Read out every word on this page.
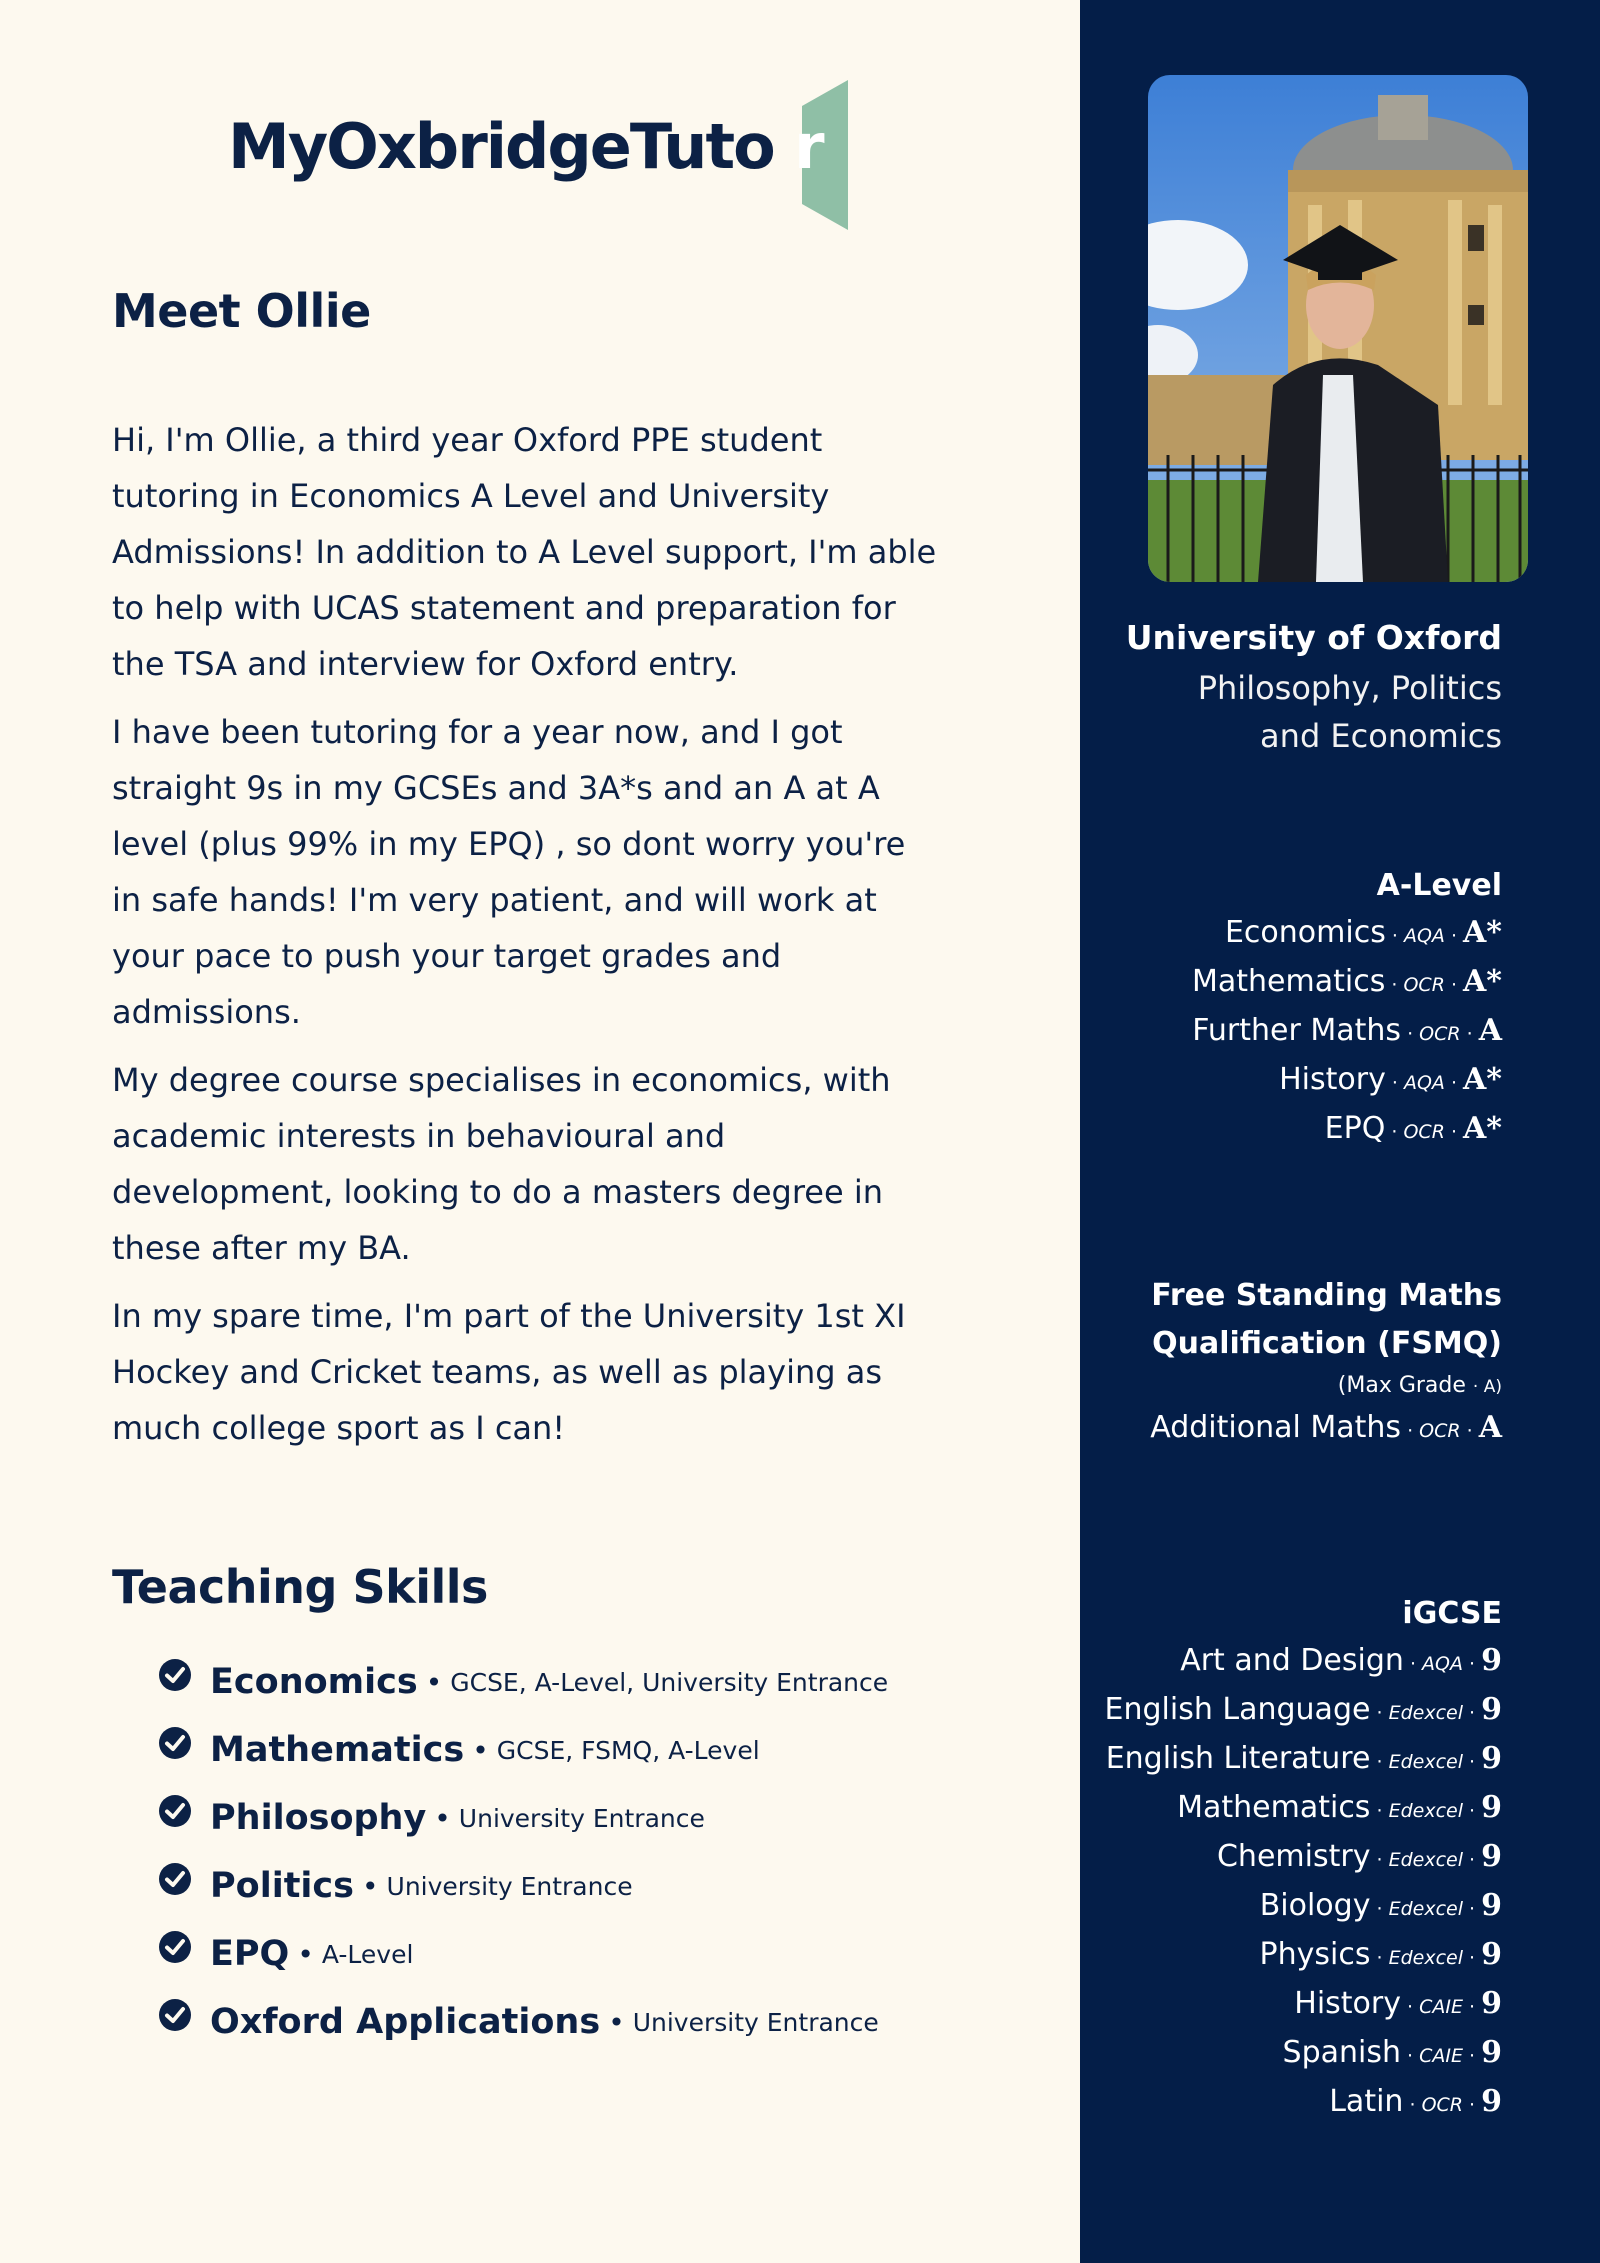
MyOxbridgeTuto r
Meet Ollie

Hi, I'm Ollie, a third year Oxford PPE student tutoring in Economics A Level and University Admissions! In addition to A Level support, I'm able to help with UCAS statement and preparation for the TSA and interview for Oxford entry.

I have been tutoring for a year now, and I got straight 9s in my GCSEs and 3A*s and an A at A level (plus 99% in my EPQ) , so dont worry you're in safe hands! I'm very patient, and will work at your pace to push your target grades and admissions.

My degree course specialises in economics, with academic interests in behavioural and development, looking to do a masters degree in these after my BA.

In my spare time, I'm part of the University 1st XI Hockey and Cricket teams, as well as playing as much college sport as I can!

Teaching Skills
Economics • GCSE, A-Level, University Entrance
Mathematics • GCSE, FSMQ, A-Level
Philosophy • University Entrance
Politics • University Entrance
EPQ • A-Level
Oxford Applications • University Entrance
University of Oxford
Philosophy, Politics and Economics
A-Level
Economics · AQA · A*
Mathematics · OCR · A*
Further Maths · OCR · A
History · AQA · A*
EPQ · OCR · A*
Free Standing Maths
Qualification (FSMQ)
(Max Grade · A)
Additional Maths · OCR · A
iGCSE
Art and Design · AQA · 9
English Language · Edexcel · 9
English Literature · Edexcel · 9
Mathematics · Edexcel · 9
Chemistry · Edexcel · 9
Biology · Edexcel · 9
Physics · Edexcel · 9
History · CAIE · 9
Spanish · CAIE · 9
Latin · OCR · 9
